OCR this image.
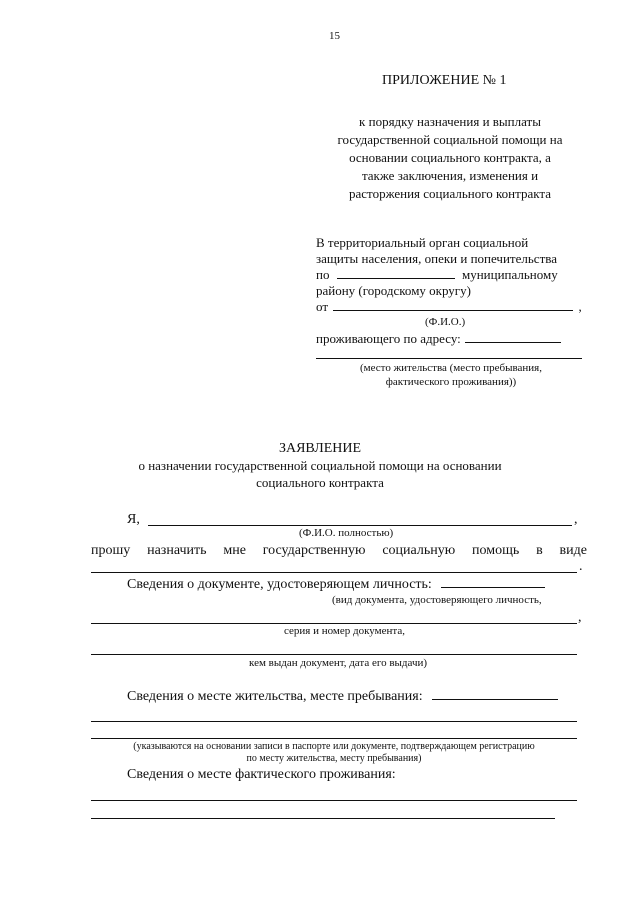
15
ПРИЛОЖЕНИЕ № 1
к порядку назначения и выплаты
государственной социальной помощи на
основании социального контракта, а
также заключения, изменения и
расторжения социального контракта
В территориальный орган социальной
защиты населения, опеки и попечительства
по	муниципальному
району (городскому округу)
от	,
(Ф.И.О.)
проживающего по адресу:
(место жительства (место пребывания,
фактического проживания))
ЗАЯВЛЕНИЕ
о назначении государственной социальной помощи на основании
социального контракта
Я,	,
(Ф.И.О. полностью)
прошу назначить мне государственную социальную помощь в виде
.
Сведения о документе, удостоверяющем личность:
(вид документа, удостоверяющего личность,
,
серия и номер документа,
кем выдан документ, дата его выдачи)
Сведения о месте жительства, месте пребывания:
(указываются на основании записи в паспорте или документе, подтверждающем регистрацию
по месту жительства, месту пребывания)
Сведения о месте фактического проживания:
